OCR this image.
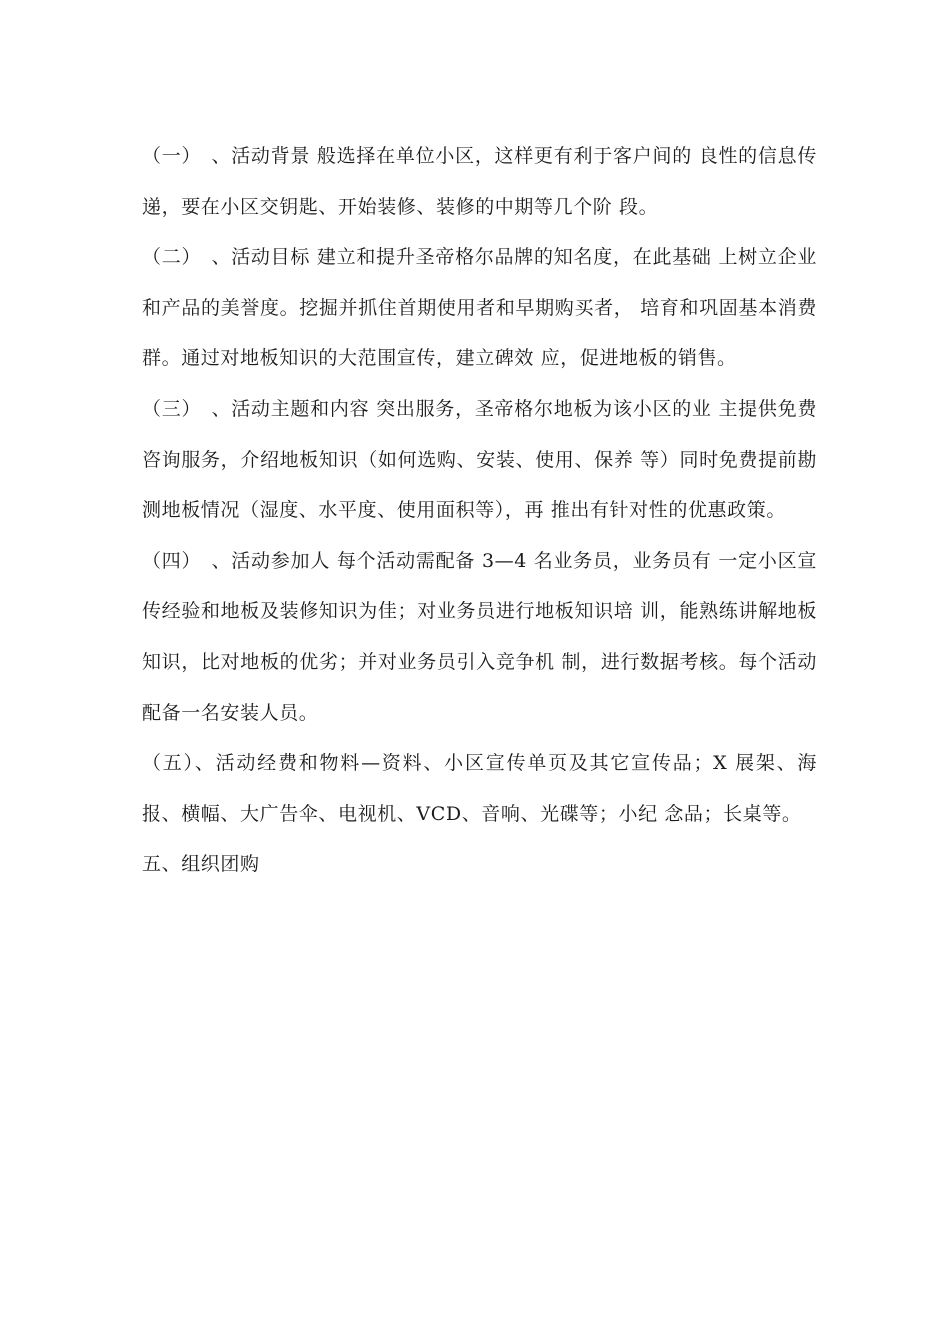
（一）　、活动背景 般选择在单位小区，这样更有利于客户间的 良性的信息传递，要在小区交钥匙、开始装修、装修的中期等几个阶 段。

（二）　、活动目标 建立和提升圣帝格尔品牌的知名度，在此基础 上树立企业和产品的美誉度。挖掘并抓住首期使用者和早期购买者， 培育和巩固基本消费群。通过对地板知识的大范围宣传，建立碑效 应，促进地板的销售。

（三）　、活动主题和内容 突出服务，圣帝格尔地板为该小区的业 主提供免费咨询服务，介绍地板知识（如何选购、安装、使用、保养 等）同时免费提前勘测地板情况（湿度、水平度、使用面积等），再 推出有针对性的优惠政策。

（四）　、活动参加人 每个活动需配备 3—4 名业务员，业务员有 一定小区宣传经验和地板及装修知识为佳；对业务员进行地板知识培 训，能熟练讲解地板知识，比对地板的优劣；并对业务员引入竞争机 制，进行数据考核。每个活动配备一名安装人员。

（五）、活动经费和物料—资料、小区宣传单页及其它宣传品；X 展架、海报、横幅、大广告伞、电视机、VCD、音响、光碟等；小纪 念品；长桌等。

五、组织团购
